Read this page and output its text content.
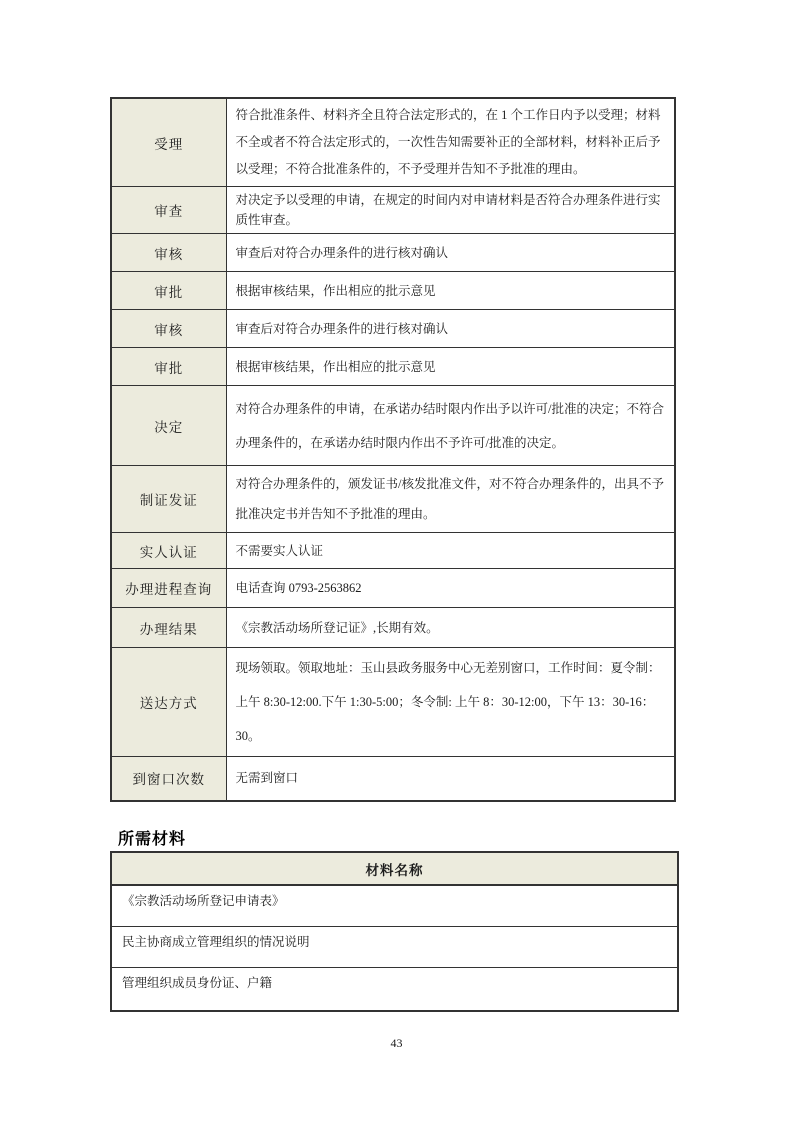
受理	符合批准条件、材料齐全且符合法定形式的，在 1 个工作日内予以受理；材料不全或者不符合法定形式的，一次性告知需要补正的全部材料，材料补正后予以受理；不符合批准条件的，不予受理并告知不予批准的理由。
审查	对决定予以受理的申请，在规定的时间内对申请材料是否符合办理条件进行实质性审查。
审核	审查后对符合办理条件的进行核对确认
审批	根据审核结果，作出相应的批示意见
审核	审查后对符合办理条件的进行核对确认
审批	根据审核结果，作出相应的批示意见
决定	对符合办理条件的申请，在承诺办结时限内作出予以许可/批准的决定；不符合办理条件的，在承诺办结时限内作出不予许可/批准的决定。
制证发证	对符合办理条件的，颁发证书/核发批准文件，对不符合办理条件的，出具不予批准决定书并告知不予批准的理由。
实人认证	不需要实人认证
办理进程查询	电话查询 0793-2563862
办理结果	《宗教活动场所登记证》,长期有效。
送达方式	现场领取。领取地址：玉山县政务服务中心无差别窗口，工作时间：夏令制：上午 8:30-12:00.下午 1:30-5:00；冬令制: 上午 8：30-12:00，下午 13：30-16：30。
到窗口次数	无需到窗口
所需材料
材料名称
《宗教活动场所登记申请表》
民主协商成立管理组织的情况说明
管理组织成员身份证、户籍
43
